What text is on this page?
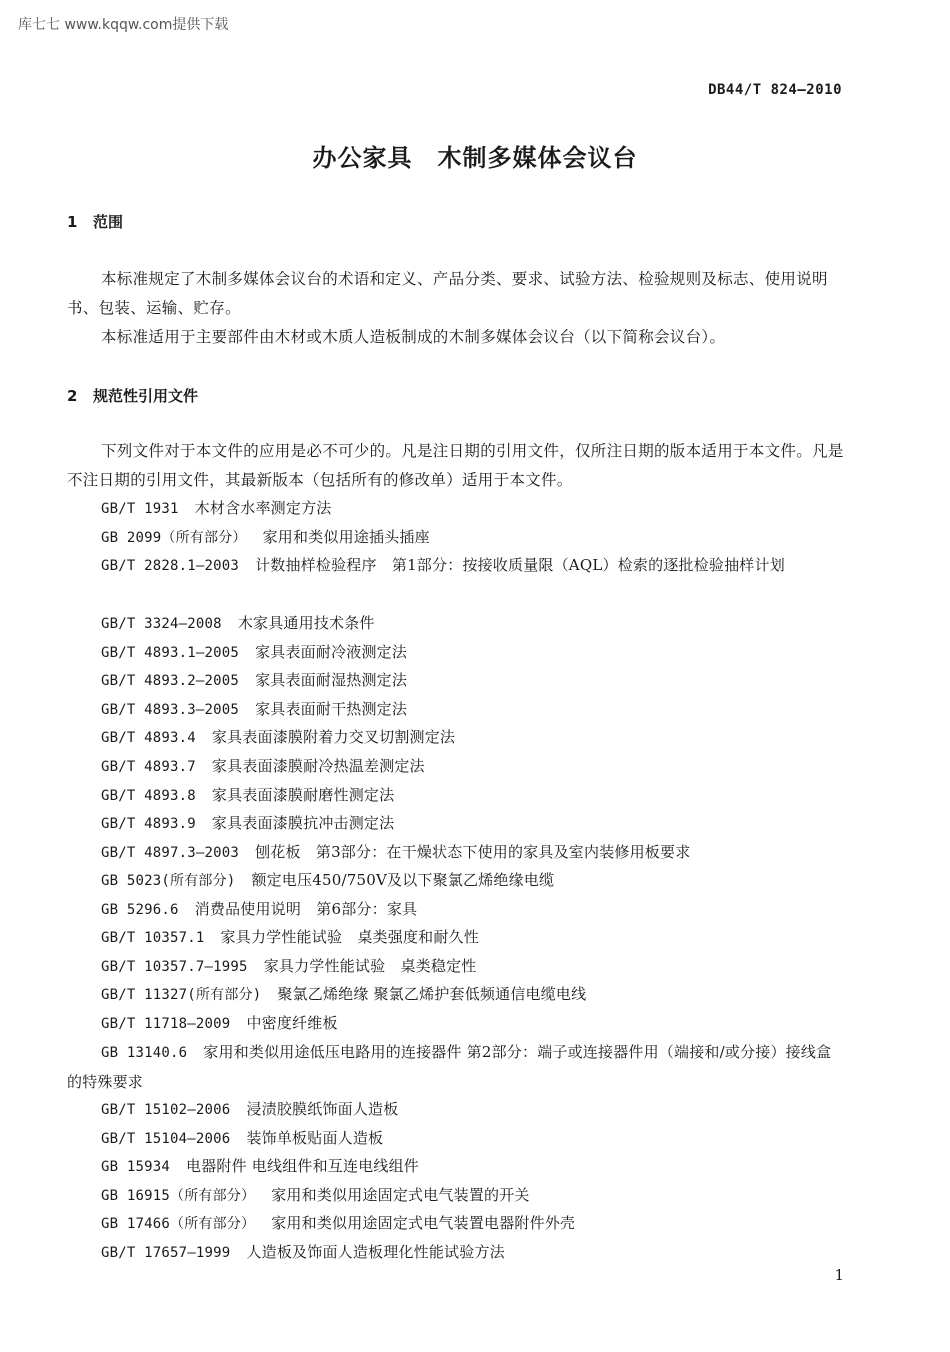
库七七 www.kqqw.com提供下载
DB44/T 824—2010
办公家具　木制多媒体会议台
1 范围
本标准规定了木制多媒体会议台的术语和定义、产品分类、要求、试验方法、检验规则及标志、使用说明书、包装、运输、贮存。
本标准适用于主要部件由木材或木质人造板制成的木制多媒体会议台（以下简称会议台）。
2 规范性引用文件
下列文件对于本文件的应用是必不可少的。凡是注日期的引用文件，仅所注日期的版本适用于本文件。凡是不注日期的引用文件，其最新版本（包括所有的修改单）适用于本文件。
GB/T 1931 木材含水率测定方法
GB 2099（所有部分） 家用和类似用途插头插座
GB/T 2828.1—2003 计数抽样检验程序　第1部分：按接收质量限（AQL）检索的逐批检验抽样计划
GB/T 3324—2008 木家具通用技术条件
GB/T 4893.1—2005 家具表面耐冷液测定法
GB/T 4893.2—2005 家具表面耐湿热测定法
GB/T 4893.3—2005 家具表面耐干热测定法
GB/T 4893.4 家具表面漆膜附着力交叉切割测定法
GB/T 4893.7 家具表面漆膜耐冷热温差测定法
GB/T 4893.8 家具表面漆膜耐磨性测定法
GB/T 4893.9 家具表面漆膜抗冲击测定法
GB/T 4897.3—2003 刨花板　第3部分：在干燥状态下使用的家具及室内装修用板要求
GB 5023(所有部分) 额定电压450/750V及以下聚氯乙烯绝缘电缆
GB 5296.6 消费品使用说明　第6部分：家具
GB/T 10357.1 家具力学性能试验　桌类强度和耐久性
GB/T 10357.7—1995 家具力学性能试验　桌类稳定性
GB/T 11327(所有部分) 聚氯乙烯绝缘 聚氯乙烯护套低频通信电缆电线
GB/T 11718—2009 中密度纤维板
GB 13140.6 家用和类似用途低压电路用的连接器件 第2部分：端子或连接器件用（端接和/或分接）接线盒的特殊要求
GB/T 15102—2006 浸渍胶膜纸饰面人造板
GB/T 15104—2006 装饰单板贴面人造板
GB 15934 电器附件 电线组件和互连电线组件
GB 16915（所有部分） 家用和类似用途固定式电气装置的开关
GB 17466（所有部分） 家用和类似用途固定式电气装置电器附件外壳
GB/T 17657—1999 人造板及饰面人造板理化性能试验方法
1
